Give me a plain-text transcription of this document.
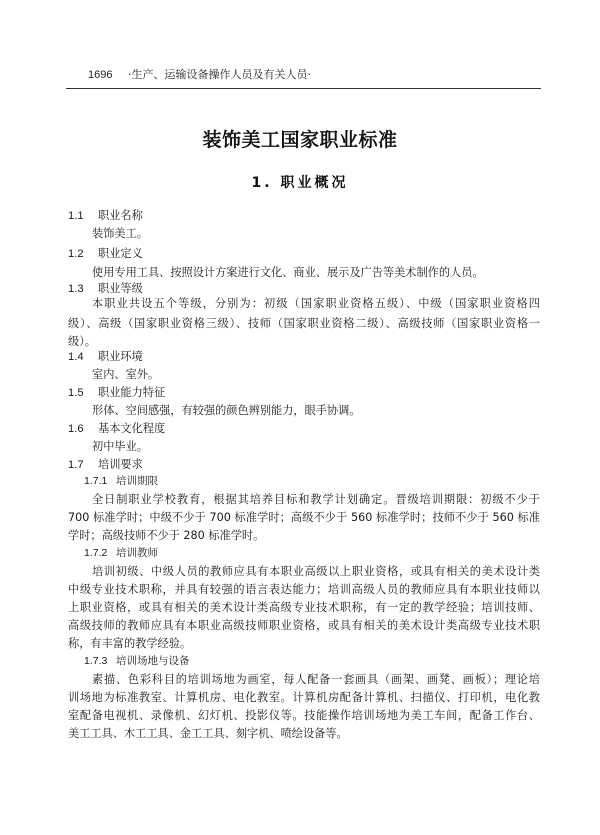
1696 ·生产、运输设备操作人员及有关人员·
装饰美工国家职业标准
1. 职业概况
1.1 职业名称
装饰美工。
1.2 职业定义
使用专用工具、按照设计方案进行文化、商业、展示及广告等美术制作的人员。
1.3 职业等级
本职业共设五个等级，分别为：初级（国家职业资格五级）、中级（国家职业资格四
级）、高级（国家职业资格三级）、技师（国家职业资格二级）、高级技师（国家职业资格一
级）。
1.4 职业环境
室内、室外。
1.5 职业能力特征
形体、空间感强，有较强的颜色辨别能力，眼手协调。
1.6 基本文化程度
初中毕业。
1.7 培训要求
1.7.1 培训期限
全日制职业学校教育，根据其培养目标和教学计划确定。晋级培训期限：初级不少于
700 标准学时；中级不少于 700 标准学时；高级不少于 560 标准学时；技师不少于 560 标准
学时；高级技师不少于 280 标准学时。
1.7.2 培训教师
培训初级、中级人员的教师应具有本职业高级以上职业资格，或具有相关的美术设计类
中级专业技术职称，并具有较强的语言表达能力；培训高级人员的教师应具有本职业技师以
上职业资格，或具有相关的美术设计类高级专业技术职称，有一定的教学经验；培训技师、
高级技师的教师应具有本职业高级技师职业资格，或具有相关的美术设计类高级专业技术职
称，有丰富的教学经验。
1.7.3 培训场地与设备
素描、色彩科目的培训场地为画室，每人配备一套画具（画架、画凳、画板）；理论培
训场地为标准教室、计算机房、电化教室。计算机房配备计算机、扫描仪、打印机，电化教
室配备电视机、录像机、幻灯机、投影仪等。技能操作培训场地为美工车间，配备工作台、
美工工具、木工工具、金工工具、刻字机、喷绘设备等。
